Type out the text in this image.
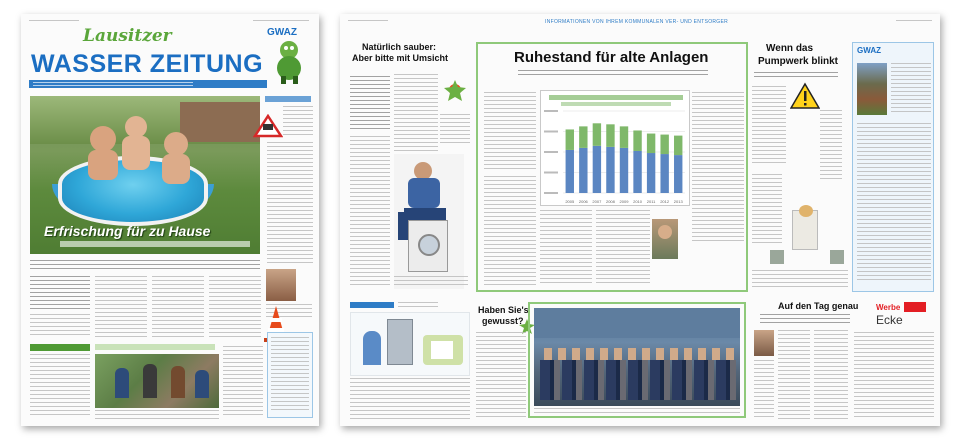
Lausitzer
WASSER ZEITUNG
GWAZ
Erfrischung für zu Hause
INFORMATIONEN VON IHREM KOMMUNALEN VER- UND ENTSORGER
Natürlich sauber:
Aber bitte mit Umsicht	Ruhestand für alte Anlagen
2005 2006 2007 2008 2009 2010 2011 2012 2013
Wenn das
Pumpwerk blinkt
GWAZ
Haben Sie's
gewusst?
Auf den Tag genau Werbe
Ecke
